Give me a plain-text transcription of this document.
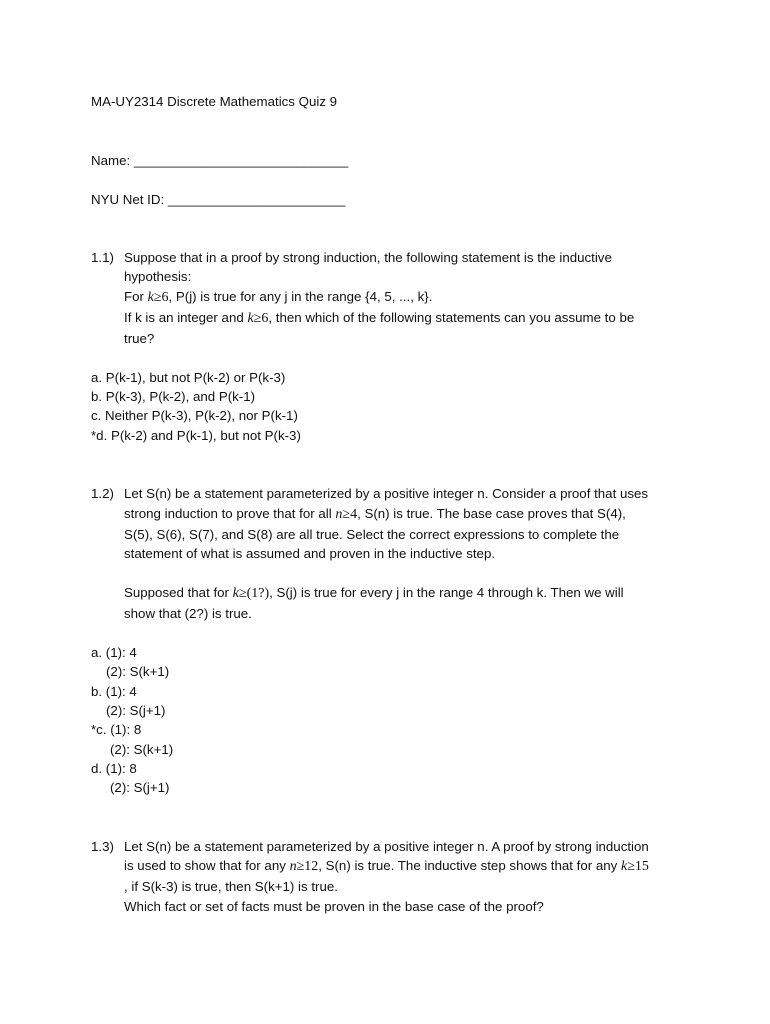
MA-UY2314 Discrete Mathematics Quiz 9
Name: _____________________________
NYU Net ID: ________________________
1.1) Suppose that in a proof by strong induction, the following statement is the inductive
hypothesis:
For k≥6, P(j) is true for any j in the range {4, 5, ..., k}.
If k is an integer and k≥6, then which of the following statements can you assume to be
true?
a. P(k-1), but not P(k-2) or P(k-3)
b. P(k-3), P(k-2), and P(k-1)
c. Neither P(k-3), P(k-2), nor P(k-1)
*d. P(k-2) and P(k-1), but not P(k-3)
1.2) Let S(n) be a statement parameterized by a positive integer n. Consider a proof that uses
strong induction to prove that for all n≥4, S(n) is true. The base case proves that S(4),
S(5), S(6), S(7), and S(8) are all true. Select the correct expressions to complete the
statement of what is assumed and proven in the inductive step.
Supposed that for k≥(1?), S(j) is true for every j in the range 4 through k. Then we will
show that (2?) is true.
a. (1): 4
(2): S(k+1)
b. (1): 4
(2): S(j+1)
*c. (1): 8
(2): S(k+1)
d. (1): 8
(2): S(j+1)
1.3) Let S(n) be a statement parameterized by a positive integer n. A proof by strong induction
is used to show that for any n≥12, S(n) is true. The inductive step shows that for any k≥15
, if S(k-3) is true, then S(k+1) is true.
Which fact or set of facts must be proven in the base case of the proof?
